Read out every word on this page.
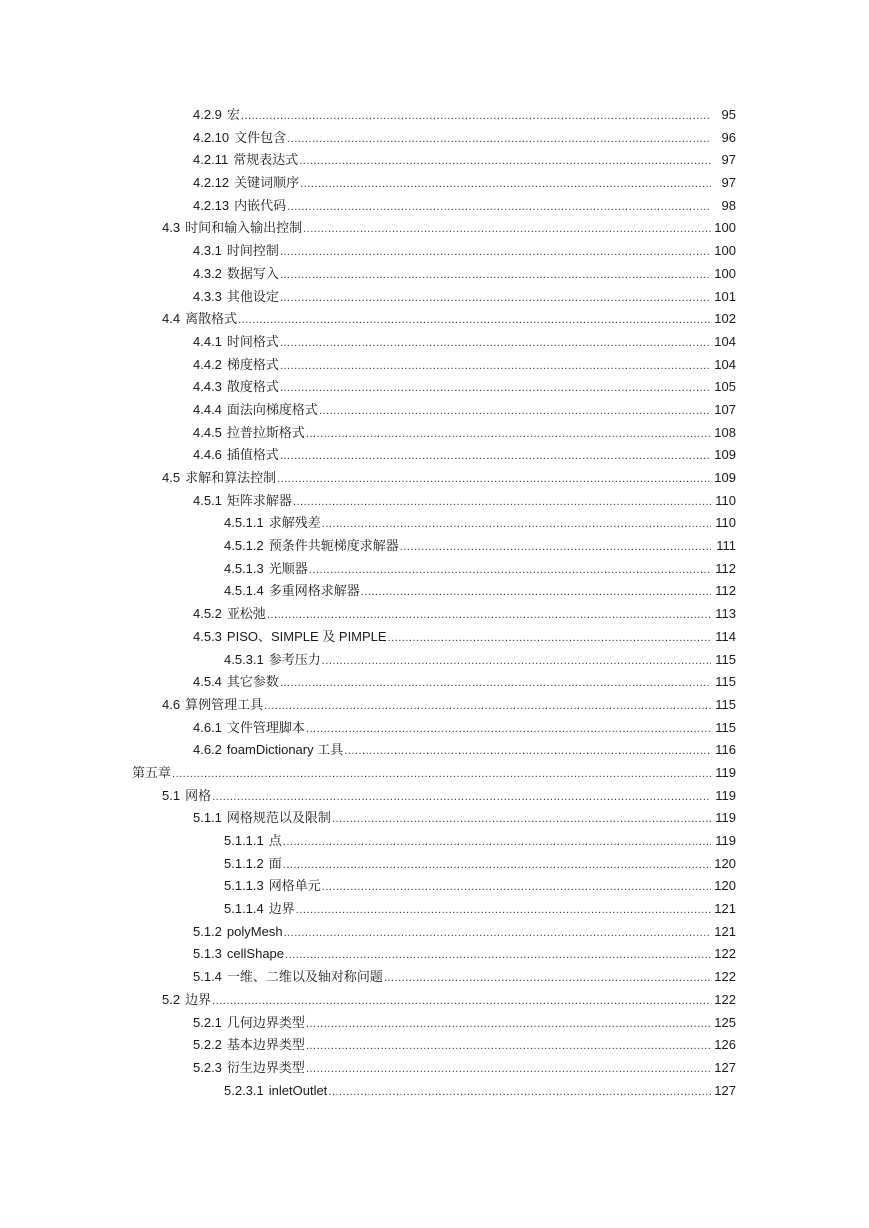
4.2.9 宏 .....	95
4.2.10 文件包含 .....	96
4.2.11 常规表达式 .....	97
4.2.12 关键词顺序 .....	97
4.2.13 内嵌代码 .....	98
4.3 时间和输入输出控制 .....	100
4.3.1 时间控制 .....	100
4.3.2 数据写入 .....	100
4.3.3 其他设定 .....	101
4.4 离散格式 .....	102
4.4.1 时间格式 .....	104
4.4.2 梯度格式 .....	104
4.4.3 散度格式 .....	105
4.4.4 面法向梯度格式 .....	107
4.4.5 拉普拉斯格式 .....	108
4.4.6 插值格式 .....	109
4.5 求解和算法控制 .....	109
4.5.1 矩阵求解器 .....	110
4.5.1.1 求解残差 .....	110
4.5.1.2 预条件共轭梯度求解器 .....	111
4.5.1.3 光顺器 .....	112
4.5.1.4 多重网格求解器 .....	112
4.5.2 亚松弛 .....	113
4.5.3 PISO、SIMPLE 及 PIMPLE .....	114
4.5.3.1 参考压力 .....	115
4.5.4 其它参数 .....	115
4.6 算例管理工具 .....	115
4.6.1 文件管理脚本 .....	115
4.6.2 foamDictionary 工具 .....	116
第五章 .....	119
5.1 网格 .....	119
5.1.1 网格规范以及限制 .....	119
5.1.1.1 点 .....	119
5.1.1.2 面 .....	120
5.1.1.3 网格单元 .....	120
5.1.1.4 边界 .....	121
5.1.2 polyMesh .....	121
5.1.3 cellShape .....	122
5.1.4 一维、二维以及轴对称问题 .....	122
5.2 边界 .....	122
5.2.1 几何边界类型 .....	125
5.2.2 基本边界类型 .....	126
5.2.3 衍生边界类型 .....	127
5.2.3.1 inletOutlet .....	127
